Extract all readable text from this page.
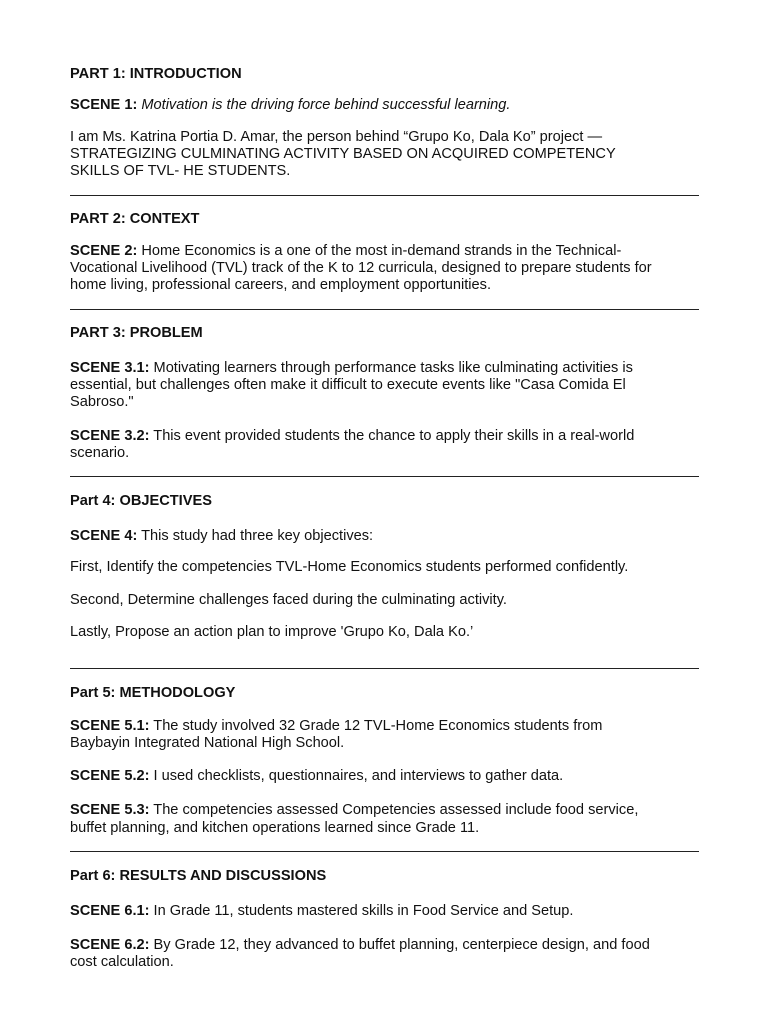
PART 1: INTRODUCTION
SCENE 1: Motivation is the driving force behind successful learning.
I am Ms. Katrina Portia D. Amar, the person behind “Grupo Ko, Dala Ko” project —
STRATEGIZING CULMINATING ACTIVITY BASED ON ACQUIRED COMPETENCY
SKILLS OF TVL- HE STUDENTS.
PART 2: CONTEXT
SCENE 2: Home Economics is a one of the most in-demand strands in the Technical-
Vocational Livelihood (TVL) track of the K to 12 curricula, designed to prepare students for
home living, professional careers, and employment opportunities.
PART 3: PROBLEM
SCENE 3.1: Motivating learners through performance tasks like culminating activities is
essential, but challenges often make it difficult to execute events like "Casa Comida El
Sabroso."
SCENE 3.2: This event provided students the chance to apply their skills in a real-world
scenario.
Part 4: OBJECTIVES
SCENE 4: This study had three key objectives:
First, Identify the competencies TVL-Home Economics students performed confidently.
Second, Determine challenges faced during the culminating activity.
Lastly, Propose an action plan to improve 'Grupo Ko, Dala Ko.’
Part 5: METHODOLOGY
SCENE 5.1: The study involved 32 Grade 12 TVL-Home Economics students from
Baybayin Integrated National High School.
SCENE 5.2: I used checklists, questionnaires, and interviews to gather data.
SCENE 5.3: The competencies assessed Competencies assessed include food service,
buffet planning, and kitchen operations learned since Grade 11.
Part 6: RESULTS AND DISCUSSIONS
SCENE 6.1: In Grade 11, students mastered skills in Food Service and Setup.
SCENE 6.2: By Grade 12, they advanced to buffet planning, centerpiece design, and food
cost calculation.
